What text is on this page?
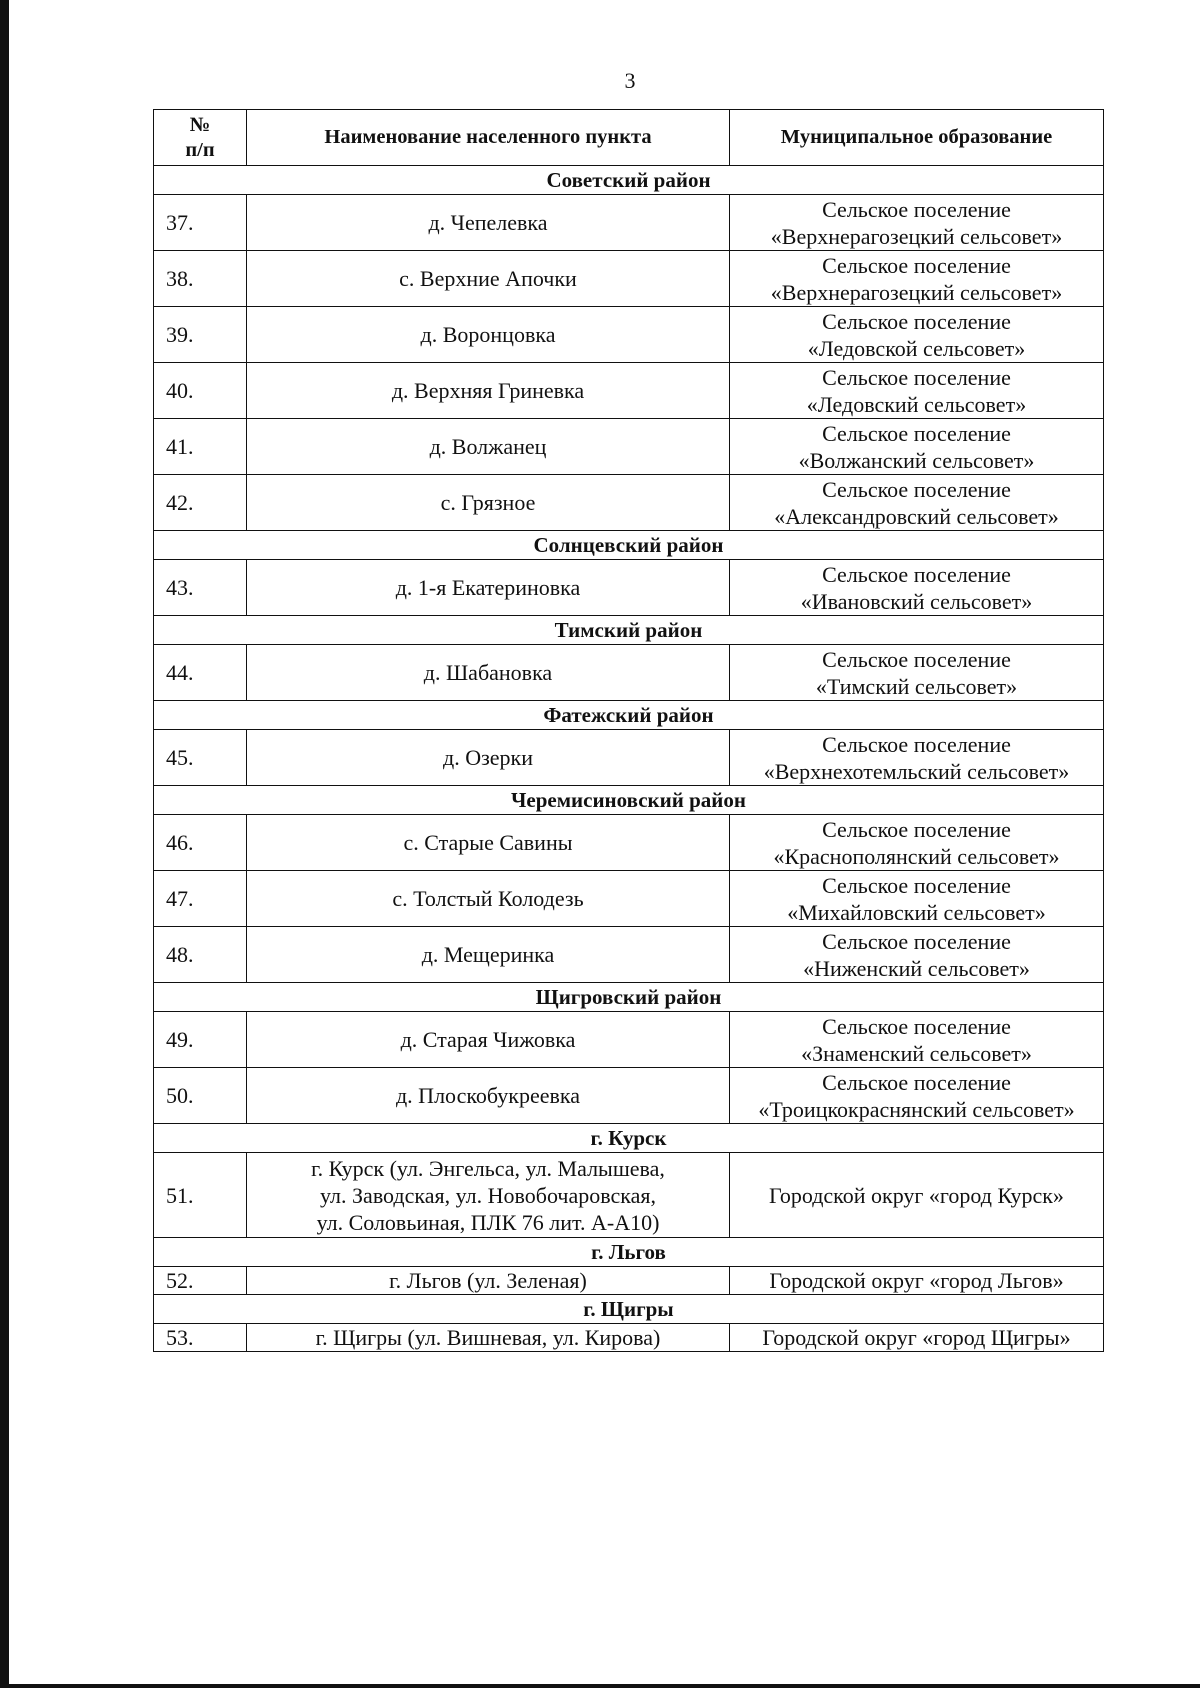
3
№
п/п	Наименование населенного пункта	Муниципальное образование
Советский район		
37.	д. Чепелевка	Сельское поселение
«Верхнерагозецкий сельсовет»

38.	с. Верхние Апочки	Сельское поселение
«Верхнерагозецкий сельсовет»

39.	д. Воронцовка	Сельское поселение
«Ледовской сельсовет»

40.	д. Верхняя Гриневка	Сельское поселение
«Ледовский сельсовет»

41.	д. Волжанец	Сельское поселение
«Волжанский сельсовет»

42.	с. Грязное	Сельское поселение
«Александровский сельсовет»

Солнцевский район		
43.	д. 1-я Екатериновка	Сельское поселение
«Ивановский сельсовет»

Тимский район		
44.	д. Шабановка	Сельское поселение
«Тимский сельсовет»

Фатежский район		
45.	д. Озерки	Сельское поселение
«Верхнехотемльский сельсовет»

Черемисиновский район		
46.	с. Старые Савины	Сельское поселение
«Краснополянский сельсовет»

47.	с. Толстый Колодезь	Сельское поселение
«Михайловский сельсовет»

48.	д. Мещеринка	Сельское поселение
«Ниженский сельсовет»

Щигровский район		
49.	д. Старая Чижовка	Сельское поселение
«Знаменский сельсовет»

50.	д. Плоскобукреевка	Сельское поселение
«Троицкокраснянский сельсовет»

г. Курск		
51.	г. Курск (ул. Энгельса, ул. Малышева,
ул. Заводская, ул. Новобочаровская,
ул. Соловьиная, ПЛК 76 лит. А-А10)	Городской округ «город Курск»
г. Льгов		
52.	г. Льгов (ул. Зеленая)	Городской округ «город Льгов»
г. Щигры		
53.	г. Щигры (ул. Вишневая, ул. Кирова)	Городской округ «город Щигры»
